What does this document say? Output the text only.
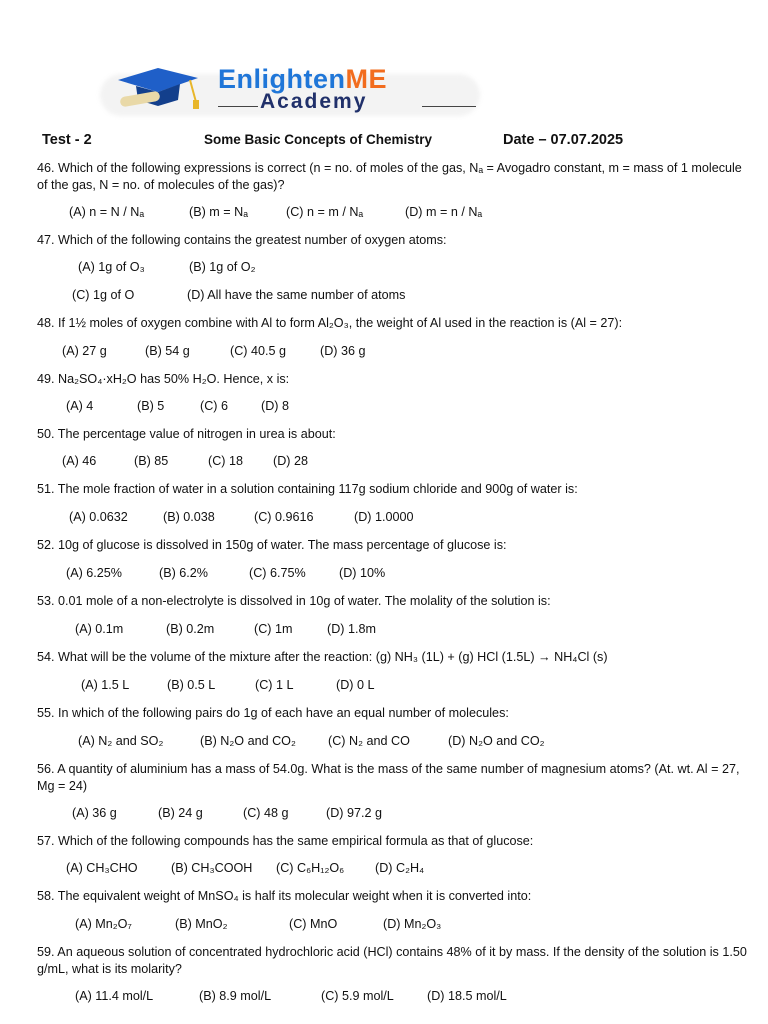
EnlightenME
Academy
Test - 2	Some Basic Concepts of Chemistry	Date – 07.07.2025

46. Which of the following expressions is correct (n = no. of moles of the gas, Nₐ = Avogadro constant, m = mass of 1 molecule of the gas, N = no. of molecules of the gas)?

(A) n = N / Nₐ	(B) m = Nₐ	(C) n = m / Nₐ	(D) m = n / Nₐ

47. Which of the following contains the greatest number of oxygen atoms:

(A) 1g of O₃	(B) 1g of O₂
(C) 1g of O	(D) All have the same number of atoms

48. If 1½ moles of oxygen combine with Al to form Al₂O₃, the weight of Al used in the reaction is (Al = 27):

(A) 27 g	(B) 54 g	(C) 40.5 g	(D) 36 g

49. Na₂SO₄·xH₂O has 50% H₂O. Hence, x is:

(A) 4	(B) 5	(C) 6	(D) 8

50. The percentage value of nitrogen in urea is about:

(A) 46	(B) 85	(C) 18 (D) 28

51. The mole fraction of water in a solution containing 117g sodium chloride and 900g of water is:

(A) 0.0632	(B) 0.038	(C) 0.9616	(D) 1.0000

52. 10g of glucose is dissolved in 150g of water. The mass percentage of glucose is:

(A) 6.25%	(B) 6.2%	(C) 6.75%	(D) 10%

53. 0.01 mole of a non-electrolyte is dissolved in 10g of water. The molality of the solution is:

(A) 0.1m	(B) 0.2m	(C) 1m	(D) 1.8m

54. What will be the volume of the mixture after the reaction: (g) NH₃ (1L) + (g) HCl (1.5L) → NH₄Cl (s)

(A) 1.5 L	(B) 0.5 L	(C) 1 L	(D) 0 L

55. In which of the following pairs do 1g of each have an equal number of molecules:

(A) N₂ and SO₂	(B) N₂O and CO₂	(C) N₂ and CO	(D) N₂O and CO₂

56. A quantity of aluminium has a mass of 54.0g. What is the mass of the same number of magnesium atoms? (At. wt. Al = 27, Mg = 24)

(A) 36 g	(B) 24 g	(C) 48 g	(D) 97.2 g

57. Which of the following compounds has the same empirical formula as that of glucose:

(A) CH₃CHO	(B) CH₃COOH (C) C₆H₁₂O₆ (D) C₂H₄

58. The equivalent weight of MnSO₄ is half its molecular weight when it is converted into:

(A) Mn₂O₇	(B) MnO₂	(C) MnO	(D) Mn₂O₃

59. An aqueous solution of concentrated hydrochloric acid (HCl) contains 48% of it by mass. If the density of the solution is 1.50 g/mL, what is its molarity?

(A) 11.4 mol/L	(B) 8.9 mol/L	(C) 5.9 mol/L	(D) 18.5 mol/L
